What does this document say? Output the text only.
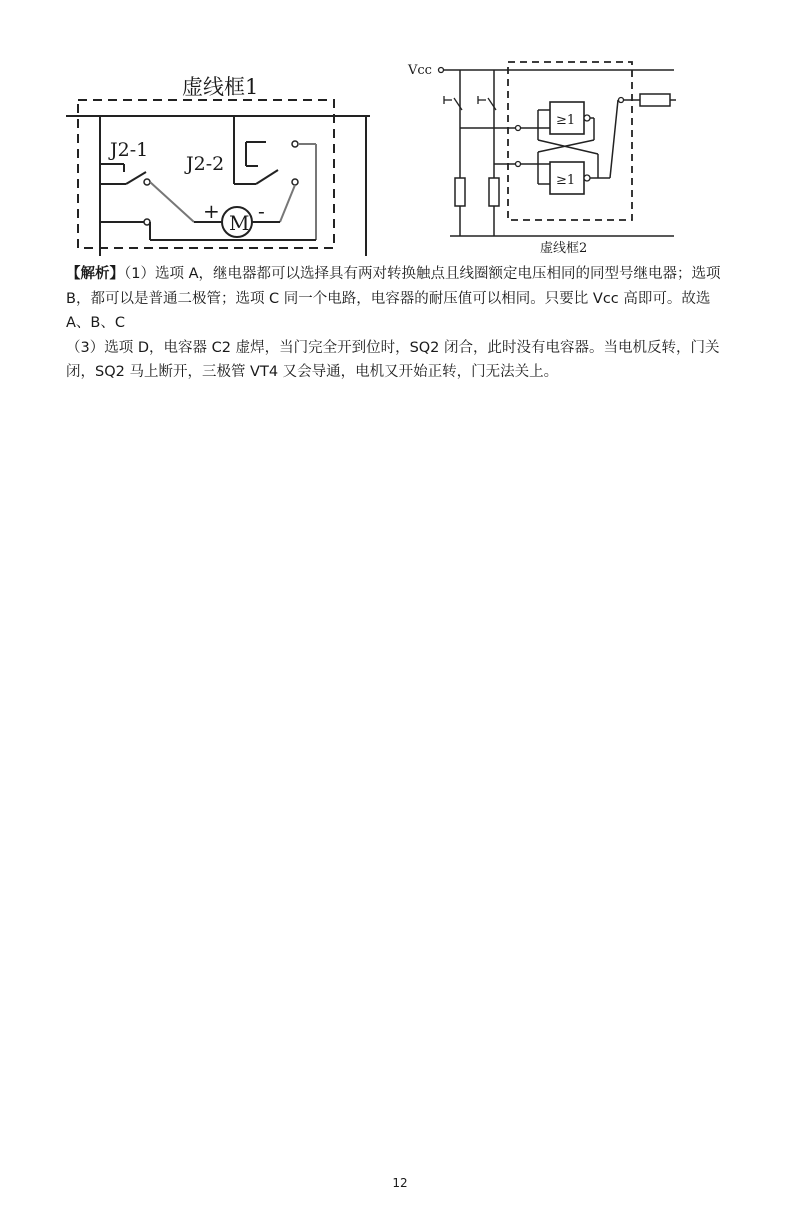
虚线框1
J2-1
J2-2
M
+ -
Vcc
≥1
≥1
虚线框2

【解析】（1）选项 A，继电器都可以选择具有两对转换触点且线圈额定电压相同的同型号继电器；选项 B，都可以是普通二极管；选项 C 同一个电路，电容器的耐压值可以相同。只要比 Vcc 高即可。故选 A、B、C

（3）选项 D，电容器 C2 虚焊，当门完全开到位时，SQ2 闭合，此时没有电容器。当电机反转，门关闭，SQ2 马上断开，三极管 VT4 又会导通，电机又开始正转，门无法关上。

12
